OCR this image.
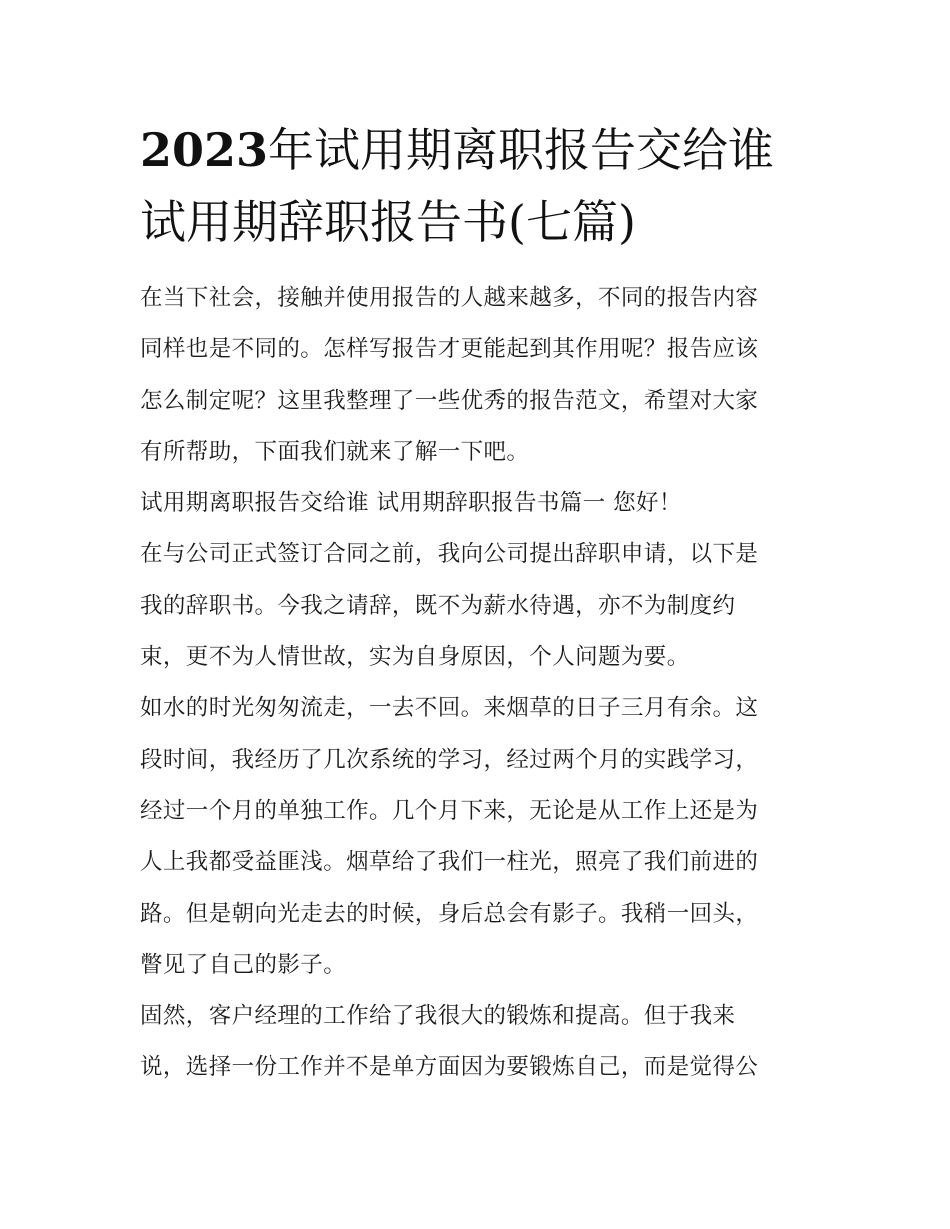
2023年试用期离职报告交给谁
试用期辞职报告书(七篇)

在当下社会，接触并使用报告的人越来越多，不同的报告内容
同样也是不同的。怎样写报告才更能起到其作用呢？报告应该
怎么制定呢？这里我整理了一些优秀的报告范文，希望对大家
有所帮助，下面我们就来了解一下吧。

试用期离职报告交给谁 试用期辞职报告书篇一 您好！

在与公司正式签订合同之前，我向公司提出辞职申请，以下是
我的辞职书。今我之请辞，既不为薪水待遇，亦不为制度约
束，更不为人情世故，实为自身原因，个人问题为要。

如水的时光匆匆流走，一去不回。来烟草的日子三月有余。这
段时间，我经历了几次系统的学习，经过两个月的实践学习，
经过一个月的单独工作。几个月下来，无论是从工作上还是为
人上我都受益匪浅。烟草给了我们一柱光，照亮了我们前进的
路。但是朝向光走去的时候，身后总会有影子。我稍一回头，
瞥见了自己的影子。

固然，客户经理的工作给了我很大的锻炼和提高。但于我来
说，选择一份工作并不是单方面因为要锻炼自己，而是觉得公
